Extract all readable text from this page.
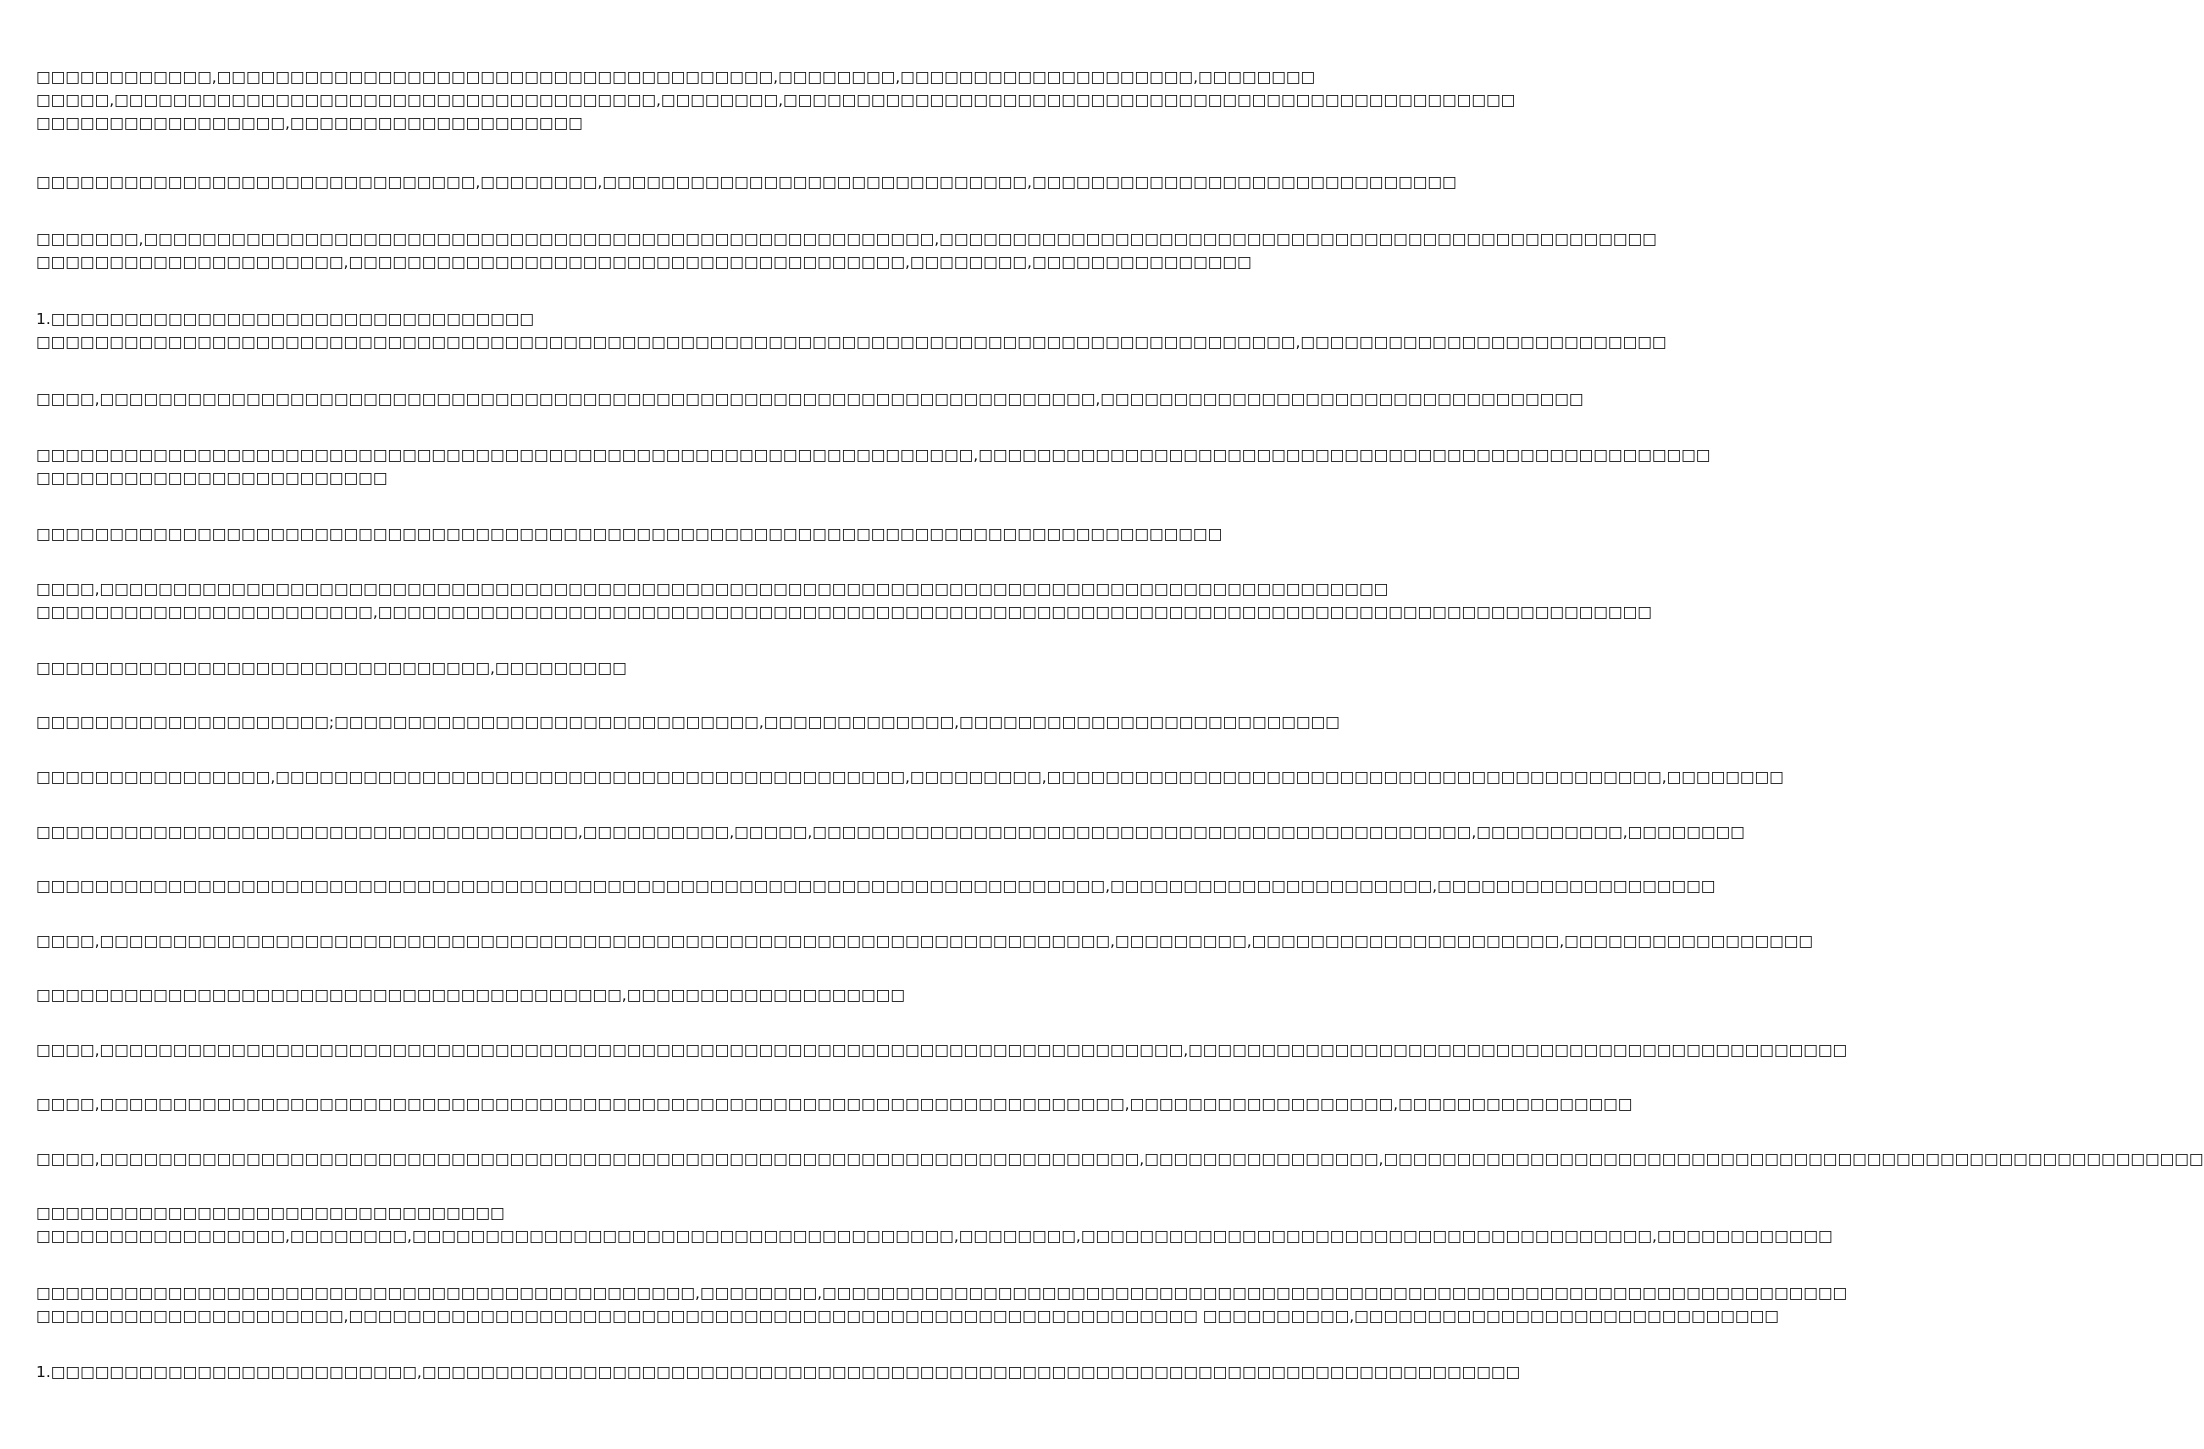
□□□□□□□□□□□□,□□□□□□□□□□□□□□□□□□□□□□□□□□□□□□□□□□□□□□,□□□□□□□□,□□□□□□□□□□□□□□□□□□□□,□□□□□□□□
□□□□□,□□□□□□□□□□□□□□□□□□□□□□□□□□□□□□□□□□□□□,□□□□□□□□,□□□□□□□□□□□□□□□□□□□□□□□□□□□□□□□□□□□□□□□□□□□□□□□□□□
□□□□□□□□□□□□□□□□□,□□□□□□□□□□□□□□□□□□□□

□□□□□□□□□□□□□□□□□□□□□□□□□□□□□□,□□□□□□□□,□□□□□□□□□□□□□□□□□□□□□□□□□□□□□,□□□□□□□□□□□□□□□□□□□□□□□□□□□□□

□□□□□□□,□□□□□□□□□□□□□□□□□□□□□□□□□□□□□□□□□□□□□□□□□□□□□□□□□□□□□□,□□□□□□□□□□□□□□□□□□□□□□□□□□□□□□□□□□□□□□□□□□□□□□□□□
□□□□□□□□□□□□□□□□□□□□□,□□□□□□□□□□□□□□□□□□□□□□□□□□□□□□□□□□□□□□,□□□□□□□□,□□□□□□□□□□□□□□□

1.□□□□□□□□□□□□□□□□□□□□□□□□□□□□□□□□□
□□□□□□□□□□□□□□□□□□□□□□□□□□□□□□□□□□□□□□□□□□□□□□□□□□□□□□□□□□□□□□□□□□□□□□□□□□□□□□□□□□□□□□,□□□□□□□□□□□□□□□□□□□□□□□□□

□□□□,□□□□□□□□□□□□□□□□□□□□□□□□□□□□□□□□□□□□□□□□□□□□□□□□□□□□□□□□□□□□□□□□□□□□,□□□□□□□□□□□□□□□□□□□□□□□□□□□□□□□□□

□□□□□□□□□□□□□□□□□□□□□□□□□□□□□□□□□□□□□□□□□□□□□□□□□□□□□□□□□□□□□□□□,□□□□□□□□□□□□□□□□□□□□□□□□□□□□□□□□□□□□□□□□□□□□□□□□□□
□□□□□□□□□□□□□□□□□□□□□□□□

□□□□□□□□□□□□□□□□□□□□□□□□□□□□□□□□□□□□□□□□□□□□□□□□□□□□□□□□□□□□□□□□□□□□□□□□□□□□□□□□□

□□□□,□□□□□□□□□□□□□□□□□□□□□□□□□□□□□□□□□□□□□□□□□□□□□□□□□□□□□□□□□□□□□□□□□□□□□□□□□□□□□□□□□□□□□□□□
□□□□□□□□□□□□□□□□□□□□□□□,□□□□□□□□□□□□□□□□□□□□□□□□□□□□□□□□□□□□□□□□□□□□□□□□□□□□□□□□□□□□□□□□□□□□□□□□□□□□□□□□□□□□□□□

□□□□□□□□□□□□□□□□□□□□□□□□□□□□□□□,□□□□□□□□□

□□□□□□□□□□□□□□□□□□□□;□□□□□□□□□□□□□□□□□□□□□□□□□□□□□,□□□□□□□□□□□□□,□□□□□□□□□□□□□□□□□□□□□□□□□□

□□□□□□□□□□□□□□□□,□□□□□□□□□□□□□□□□□□□□□□□□□□□□□□□□□□□□□□□□□□□,□□□□□□□□□,□□□□□□□□□□□□□□□□□□□□□□□□□□□□□□□□□□□□□□□□□□,□□□□□□□□

□□□□□□□□□□□□□□□□□□□□□□□□□□□□□□□□□□□□□,□□□□□□□□□□,□□□□□,□□□□□□□□□□□□□□□□□□□□□□□□□□□□□□□□□□□□□□□□□□□□□,□□□□□□□□□□,□□□□□□□□

□□□□□□□□□□□□□□□□□□□□□□□□□□□□□□□□□□□□□□□□□□□□□□□□□□□□□□□□□□□□□□□□□□□□□□□□□,□□□□□□□□□□□□□□□□□□□□□□,□□□□□□□□□□□□□□□□□□□

□□□□,□□□□□□□□□□□□□□□□□□□□□□□□□□□□□□□□□□□□□□□□□□□□□□□□□□□□□□□□□□□□□□□□□□□□□,□□□□□□□□□,□□□□□□□□□□□□□□□□□□□□□,□□□□□□□□□□□□□□□□□

□□□□□□□□□□□□□□□□□□□□□□□□□□□□□□□□□□□□□□□□,□□□□□□□□□□□□□□□□□□□

□□□□,□□□□□□□□□□□□□□□□□□□□□□□□□□□□□□□□□□□□□□□□□□□□□□□□□□□□□□□□□□□□□□□□□□□□□□□□□□,□□□□□□□□□□□□□□□□□□□□□□□□□□□□□□□□□□□□□□□□□□□□□

□□□□,□□□□□□□□□□□□□□□□□□□□□□□□□□□□□□□□□□□□□□□□□□□□□□□□□□□□□□□□□□□□□□□□□□□□□□,□□□□□□□□□□□□□□□□□□,□□□□□□□□□□□□□□□□

□□□□,□□□□□□□□□□□□□□□□□□□□□□□□□□□□□□□□□□□□□□□□□□□□□□□□□□□□□□□□□□□□□□□□□□□□□□□,□□□□□□□□□□□□□□□□,□□□□□□□□□□□□□□□□□□□□□□□□□□□□□□□□□□□□□□□□□□□□□□□□□□□□□□□□

□□□□□□□□□□□□□□□□□□□□□□□□□□□□□□□□
□□□□□□□□□□□□□□□□□,□□□□□□□□,□□□□□□□□□□□□□□□□□□□□□□□□□□□□□□□□□□□□□,□□□□□□□□,□□□□□□□□□□□□□□□□□□□□□□□□□□□□□□□□□□□□□□□,□□□□□□□□□□□□

□□□□□□□□□□□□□□□□□□□□□□□□□□□□□□□□□□□□□□□□□□□□□,□□□□□□□□,□□□□□□□□□□□□□□□□□□□□□□□□□□□□□□□□□□□□□□□□□□□□□□□□□□□□□□□□□□□□□□□□□□□□□□
□□□□□□□□□□□□□□□□□□□□□,□□□□□□□□□□□□□□□□□□□□□□□□□□□□□□□□□□□□□□□□□□□□□□□□□□□□□□□□□□ □□□□□□□□□□,□□□□□□□□□□□□□□□□□□□□□□□□□□□□□

1.□□□□□□□□□□□□□□□□□□□□□□□□□,□□□□□□□□□□□□□□□□□□□□□□□□□□□□□□□□□□□□□□□□□□□□□□□□□□□□□□□□□□□□□□□□□□□□□□□□□□□
